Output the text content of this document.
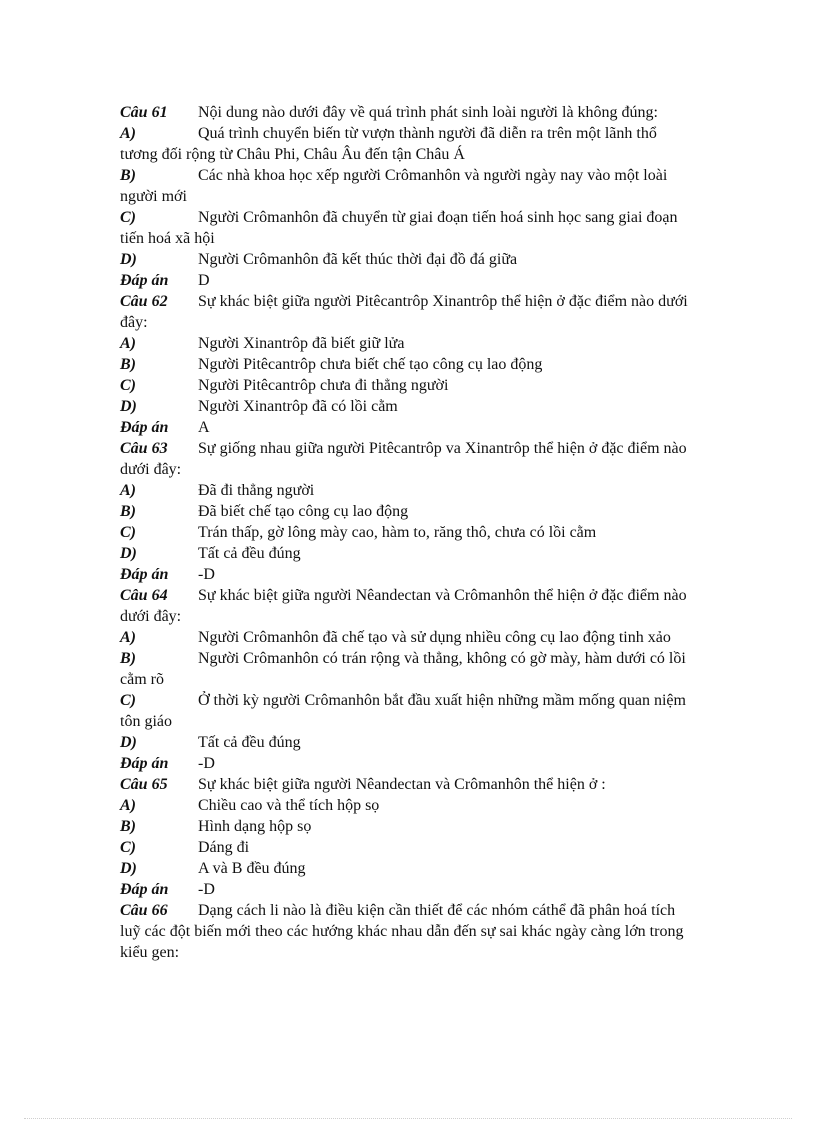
Câu 61 Nội dung nào dưới đây về quá trình phát sinh loài người là không đúng:

A)	Quá trình chuyển biến từ vượn thành người đã diễn ra trên một lãnh thổ tương đối rộng từ Châu Phi, Châu Âu đến tận Châu Á

B)	Các nhà khoa học xếp người Crômanhôn và người ngày nay vào một loài người mới

C)	Người Crômanhôn đã chuyển từ giai đoạn tiến hoá sinh học sang giai đoạn tiến hoá xã hội

D)	Người Crômanhôn đã kết thúc thời đại đồ đá giữa

Đáp án D

Câu 62 Sự khác biệt giữa người Pitêcantrôp Xinantrôp thể hiện ở đặc điểm nào dưới đây:

A)	Người Xinantrôp đã biết giữ lửa

B)	Người Pitêcantrôp chưa biết chế tạo công cụ lao động

C)	Người Pitêcantrôp chưa đi thẳng người

D)	Người Xinantrôp đã có lồi cằm

Đáp án A

Câu 63 Sự giống nhau giữa người Pitêcantrôp va Xinantrôp thể hiện ở đặc điểm nào dưới đây:

A)	Đã đi thẳng người

B)	Đã biết chế tạo công cụ lao động

C)	Trán thấp, gờ lông mày cao, hàm to, răng thô, chưa có lồi cằm

D)	Tất cả đều đúng

Đáp án -D

Câu 64 Sự khác biệt giữa người Nêandectan và Crômanhôn thể hiện ở đặc điểm nào dưới đây:

A)	Người Crômanhôn đã chế tạo và sử dụng nhiều công cụ lao động tinh xảo

B)	Người Crômanhôn có trán rộng và thẳng, không có gờ mày, hàm dưới có lồi cằm rõ

C)	Ở thời kỳ người Crômanhôn bắt đầu xuất hiện những mầm mống quan niệm tôn giáo

D)	Tất cả đều đúng

Đáp án -D

Câu 65 Sự khác biệt giữa người Nêandectan và Crômanhôn thể hiện ở :

A)	Chiều cao và thể tích hộp sọ

B)	Hình dạng hộp sọ

C)	Dáng đi

D)	A và B đều đúng

Đáp án -D

Câu 66 Dạng cách li nào là điều kiện cần thiết để các nhóm cáthể đã phân hoá tích luỹ các đột biến mới theo các hướng khác nhau dẫn đến sự sai khác ngày càng lớn trong kiểu gen:
